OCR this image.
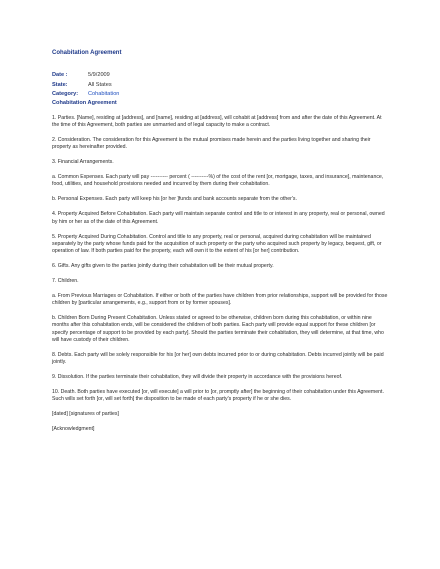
Cohabitation Agreement
Date :	5/9/2009
State:	All States
Category:	Cohabitation
Cohabitation Agreement

1. Parties. [Name], residing at [address], and [name], residing at [address], will cohabit at [address] from and after the date of this Agreement. At the time of this Agreement, both parties are unmarried and of legal capacity to make a contract.

2. Consideration. The consideration for this Agreement is the mutual promises made herein and the parties living together and sharing their property as hereinafter provided.

3. Financial Arrangements.

a. Common Expenses. Each party will pay ---------- percent ( ----------%) of the cost of the rent [or, mortgage, taxes, and insurance], maintenance, food, utilities, and household provisions needed and incurred by them during their cohabitation.

b. Personal Expenses. Each party will keep his [or her ]funds and bank accounts separate from the other's.

4. Property Acquired Before Cohabitation. Each party will maintain separate control and title to or interest in any property, real or personal, owned by him or her as of the date of this Agreement.

5. Property Acquired During Cohabitation. Control and title to any property, real or personal, acquired during cohabitation will be maintained separately by the party whose funds paid for the acquisition of such property or the party who acquired such property by legacy, bequest, gift, or operation of law. If both parties paid for the property, each will own it to the extent of his [or her] contribution.

6. Gifts. Any gifts given to the parties jointly during their cohabitation will be their mutual property.

7. Children.

a. From Previous Marriages or Cohabitation. If either or both of the parties have children from prior relationships, support will be provided for those children by [particular arrangements, e.g., support from or by former spouses].

b. Children Born During Present Cohabitation. Unless stated or agreed to be otherwise, children born during this cohabitation, or within nine months after this cohabitation ends, will be considered the children of both parties. Each party will provide equal support for these children [or specify percentage of support to be provided by each party]. Should the parties terminate their cohabitation, they will determine, at that time, who will have custody of their children.

8. Debts. Each party will be solely responsible for his [or her] own debts incurred prior to or during cohabitation. Debts incurred jointly will be paid jointly.

9. Dissolution. If the parties terminate their cohabitation, they will divide their property in accordance with the provisions hereof.

10. Death. Both parties have executed [or, will execute] a will prior to [or, promptly after] the beginning of their cohabitation under this Agreement. Such wills set forth [or, will set forth] the disposition to be made of each party's property if he or she dies.

[dated] [signatures of parties]

[Acknowledgment]
